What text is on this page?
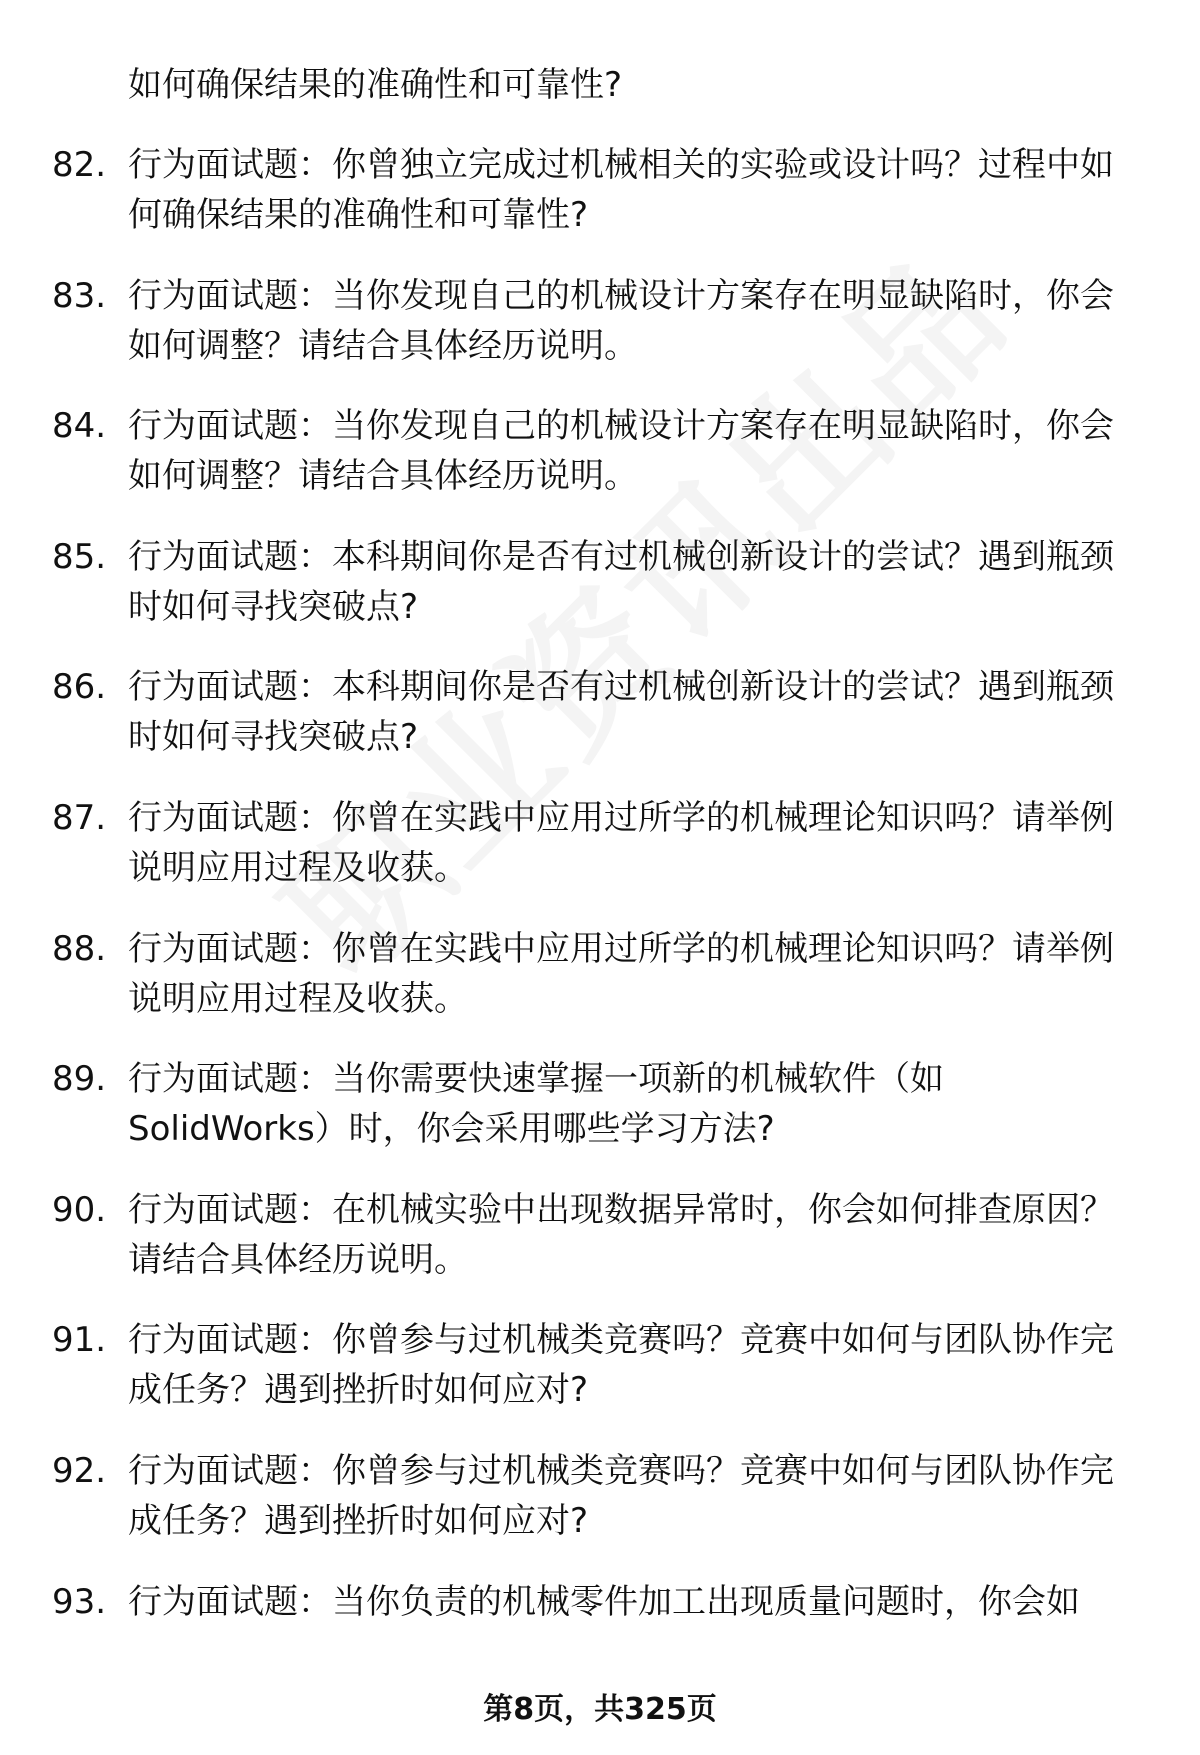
如何确保结果的准确性和可靠性?

82. 行为面试题：你曾独立完成过机械相关的实验或设计吗？过程中如何确保结果的准确性和可靠性?

83. 行为面试题：当你发现自己的机械设计方案存在明显缺陷时，你会如何调整？请结合具体经历说明。

84. 行为面试题：当你发现自己的机械设计方案存在明显缺陷时，你会如何调整？请结合具体经历说明。

85. 行为面试题：本科期间你是否有过机械创新设计的尝试？遇到瓶颈时如何寻找突破点?

86. 行为面试题：本科期间你是否有过机械创新设计的尝试？遇到瓶颈时如何寻找突破点?

87. 行为面试题：你曾在实践中应用过所学的机械理论知识吗？请举例说明应用过程及收获。

88. 行为面试题：你曾在实践中应用过所学的机械理论知识吗？请举例说明应用过程及收获。

89. 行为面试题：当你需要快速掌握一项新的机械软件（如SolidWorks）时，你会采用哪些学习方法?

90. 行为面试题：在机械实验中出现数据异常时，你会如何排查原因？请结合具体经历说明。

91. 行为面试题：你曾参与过机械类竞赛吗？竞赛中如何与团队协作完成任务？遇到挫折时如何应对?

92. 行为面试题：你曾参与过机械类竞赛吗？竞赛中如何与团队协作完成任务？遇到挫折时如何应对?

93. 行为面试题：当你负责的机械零件加工出现质量问题时，你会如

第8页，共325页
